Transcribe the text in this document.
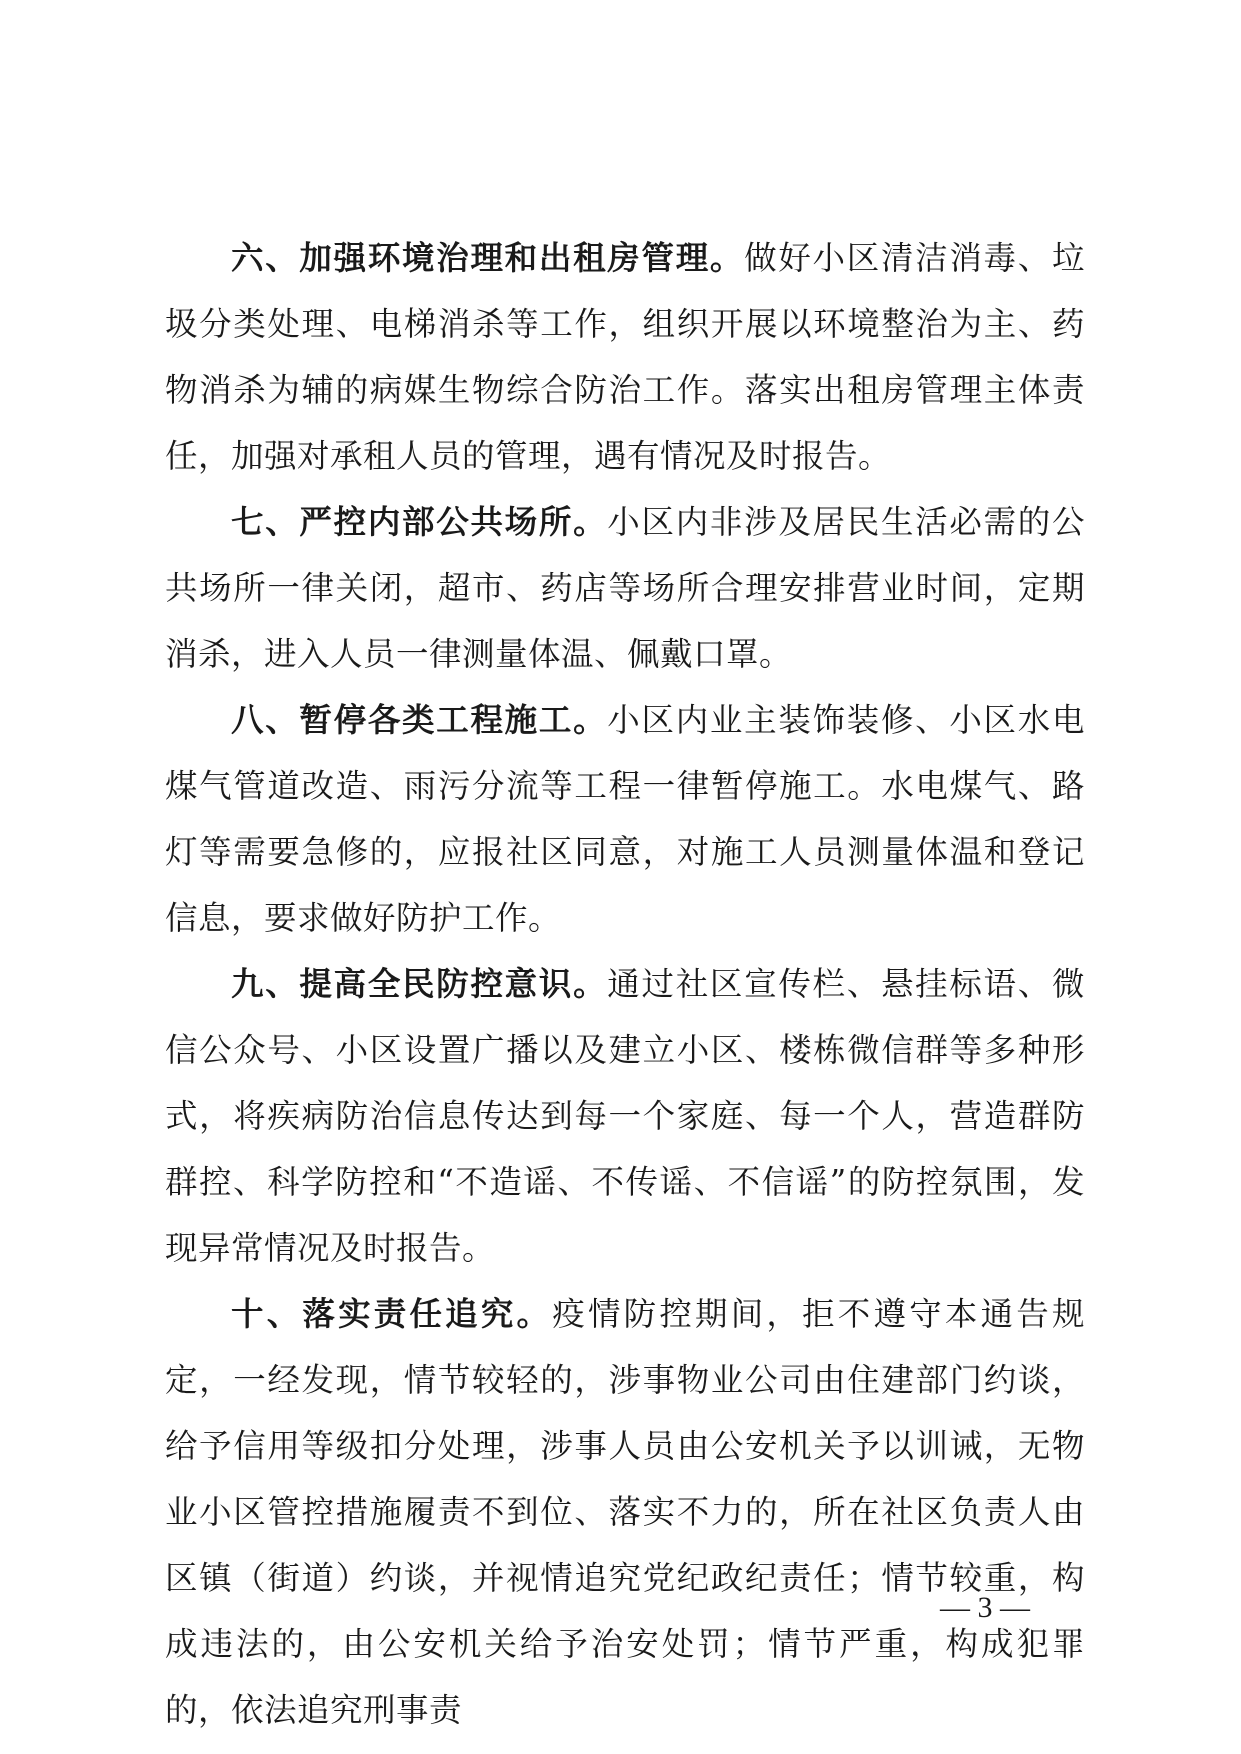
六、加强环境治理和出租房管理。做好小区清洁消毒、垃圾分类处理、电梯消杀等工作，组织开展以环境整治为主、药物消杀为辅的病媒生物综合防治工作。落实出租房管理主体责任，加强对承租人员的管理，遇有情况及时报告。

七、严控内部公共场所。小区内非涉及居民生活必需的公共场所一律关闭，超市、药店等场所合理安排营业时间，定期消杀，进入人员一律测量体温、佩戴口罩。

八、暂停各类工程施工。小区内业主装饰装修、小区水电煤气管道改造、雨污分流等工程一律暂停施工。水电煤气、路灯等需要急修的，应报社区同意，对施工人员测量体温和登记信息，要求做好防护工作。

九、提高全民防控意识。通过社区宣传栏、悬挂标语、微信公众号、小区设置广播以及建立小区、楼栋微信群等多种形式，将疾病防治信息传达到每一个家庭、每一个人，营造群防群控、科学防控和“不造谣、不传谣、不信谣”的防控氛围，发现异常情况及时报告。

十、落实责任追究。疫情防控期间，拒不遵守本通告规定，一经发现，情节较轻的，涉事物业公司由住建部门约谈，给予信用等级扣分处理，涉事人员由公安机关予以训诫，无物业小区管控措施履责不到位、落实不力的，所在社区负责人由区镇（街道）约谈，并视情追究党纪政纪责任；情节较重，构成违法的，由公安机关给予治安处罚；情节严重，构成犯罪的，依法追究刑事责

— 3 —
